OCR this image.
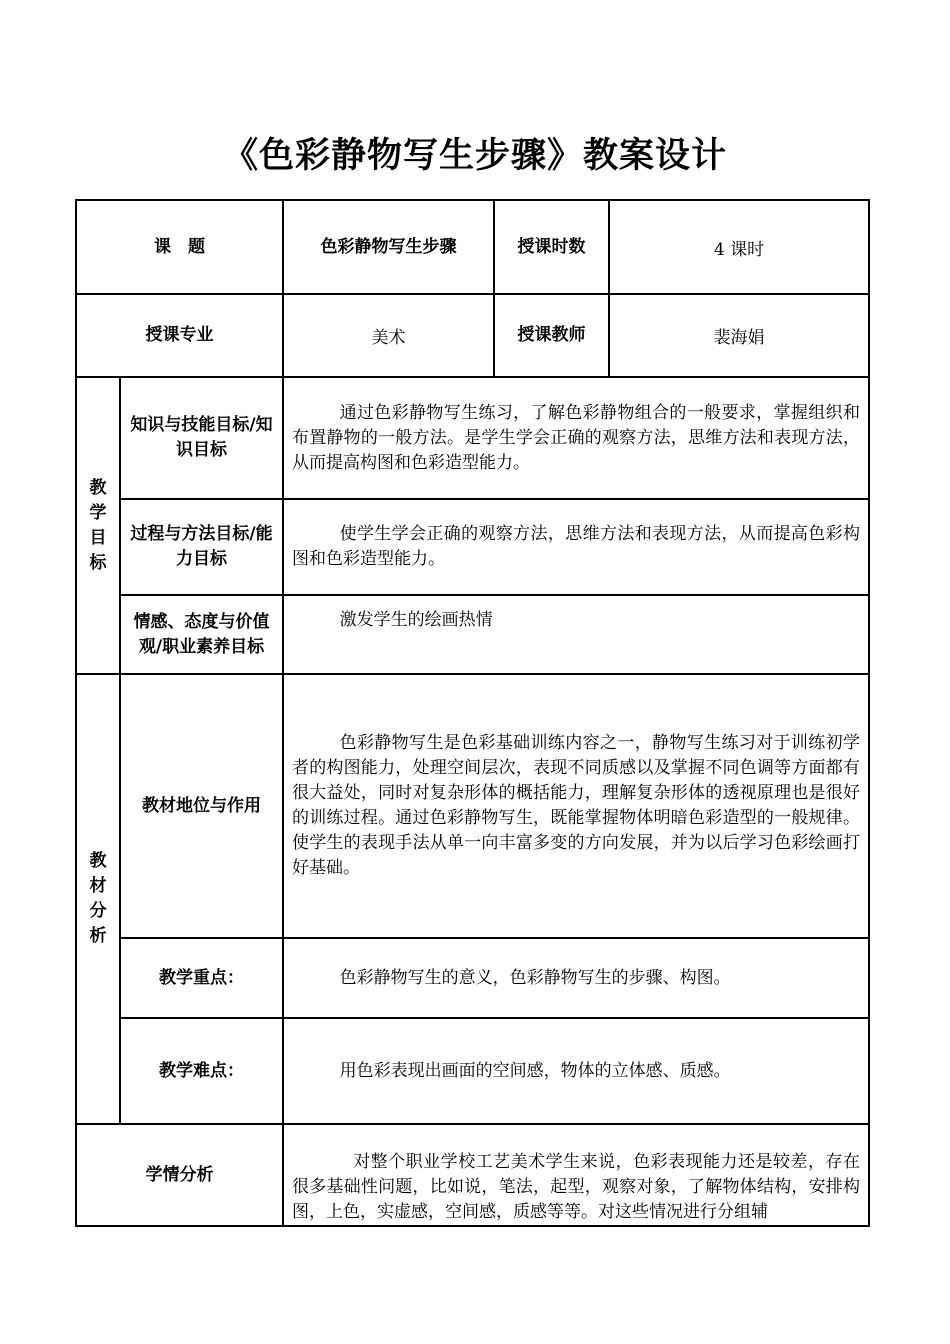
《色彩静物写生步骤》教案设计
课　题		色彩静物写生步骤	授课时数	4 课时
授课专业		美术	授课教师	裴海娟

教学目标	知识与技能目标/知识目标	通过色彩静物写生练习，了解色彩静物组合的一般要求，掌握组织和布置静物的一般方法。是学生学会正确的观察方法，思维方法和表现方法，从而提高构图和色彩造型能力。		
	过程与方法目标/能力目标	使学生学会正确的观察方法，思维方法和表现方法，从而提高色彩构图和色彩造型能力。		
	情感、态度与价值观/职业素养目标	激发学生的绘画热情		

教材分析	教材地位与作用	色彩静物写生是色彩基础训练内容之一，静物写生练习对于训练初学者的构图能力，处理空间层次，表现不同质感以及掌握不同色调等方面都有很大益处，同时对复杂形体的概括能力，理解复杂形体的透视原理也是很好的训练过程。通过色彩静物写生，既能掌握物体明暗色彩造型的一般规律。使学生的表现手法从单一向丰富多变的方向发展，并为以后学习色彩绘画打好基础。		
	教学重点：	色彩静物写生的意义，色彩静物写生的步骤、构图。		
	教学难点：	用色彩表现出画面的空间感，物体的立体感、质感。		
学情分析		对整个职业学校工艺美术学生来说，色彩表现能力还是较差，存在很多基础性问题，比如说，笔法，起型，观察对象，了解物体结构，安排构图，上色，实虚感，空间感，质感等等。对这些情况进行分组辅		
